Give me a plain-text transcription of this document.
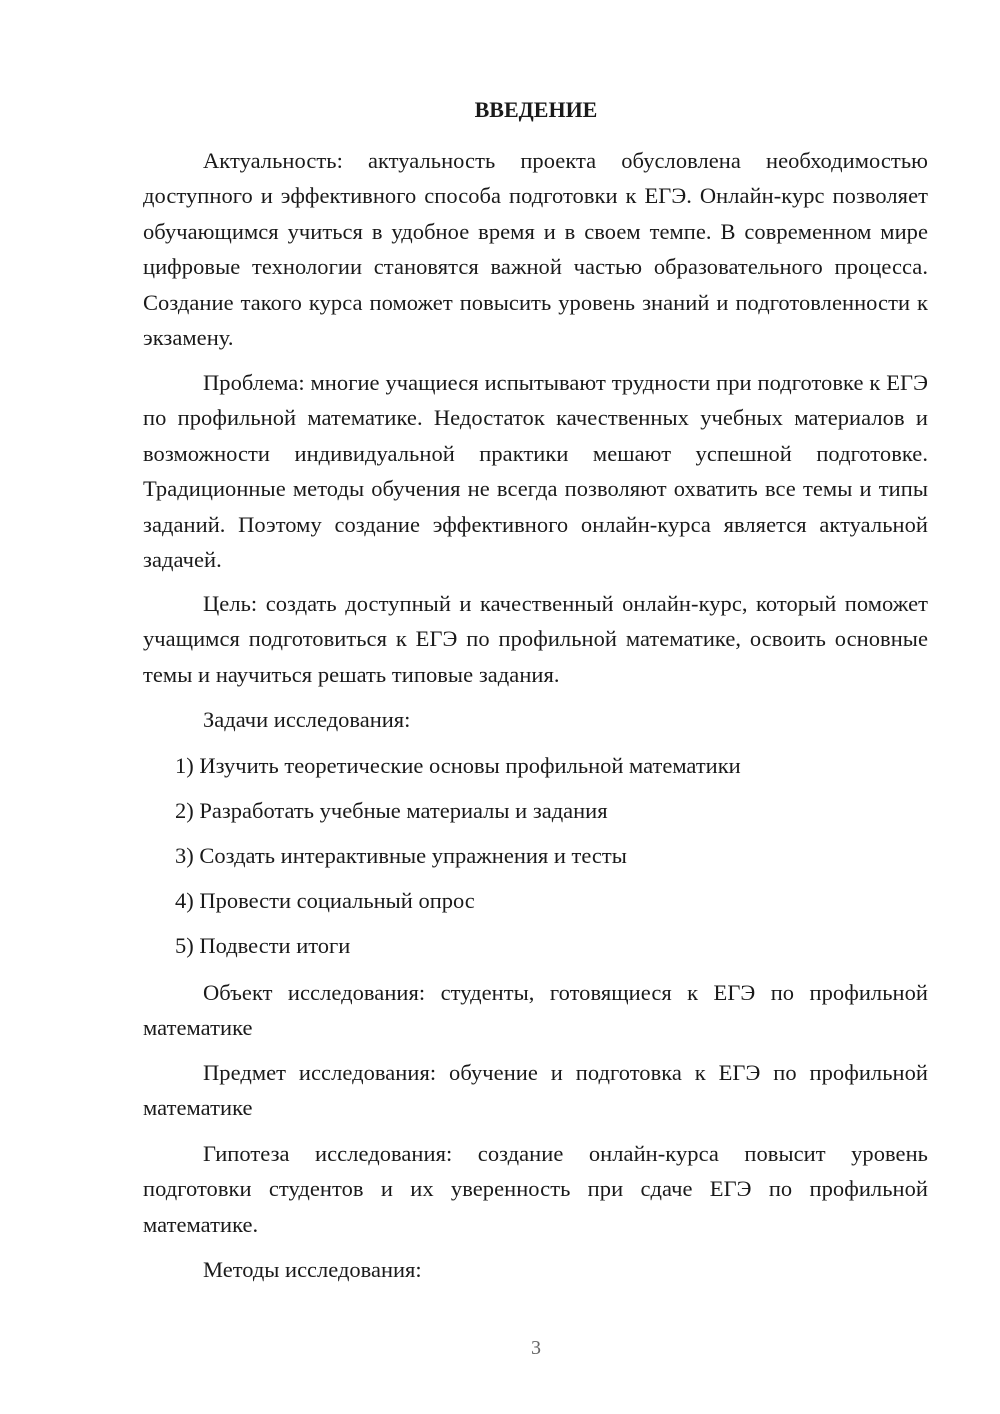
ВВЕДЕНИЕ

Актуальность: актуальность проекта обусловлена необходимостью доступного и эффективного способа подготовки к ЕГЭ. Онлайн-курс позволяет обучающимся учиться в удобное время и в своем темпе. В современном мире цифровые технологии становятся важной частью образовательного процесса. Создание такого курса поможет повысить уровень знаний и подготовленности к экзамену.

Проблема: многие учащиеся испытывают трудности при подготовке к ЕГЭ по профильной математике. Недостаток качественных учебных материалов и возможности индивидуальной практики мешают успешной подготовке. Традиционные методы обучения не всегда позволяют охватить все темы и типы заданий. Поэтому создание эффективного онлайн-курса является актуальной задачей.

Цель: создать доступный и качественный онлайн-курс, который поможет учащимся подготовиться к ЕГЭ по профильной математике, освоить основные темы и научиться решать типовые задания.

Задачи исследования:

1) Изучить теоретические основы профильной математики

2) Разработать учебные материалы и задания

3) Создать интерактивные упражнения и тесты

4) Провести социальный опрос

5) Подвести итоги

Объект исследования: студенты, готовящиеся к ЕГЭ по профильной математике

Предмет исследования: обучение и подготовка к ЕГЭ по профильной математике

Гипотеза исследования: создание онлайн-курса повысит уровень подготовки студентов и их уверенность при сдаче ЕГЭ по профильной математике.

Методы исследования:

3
